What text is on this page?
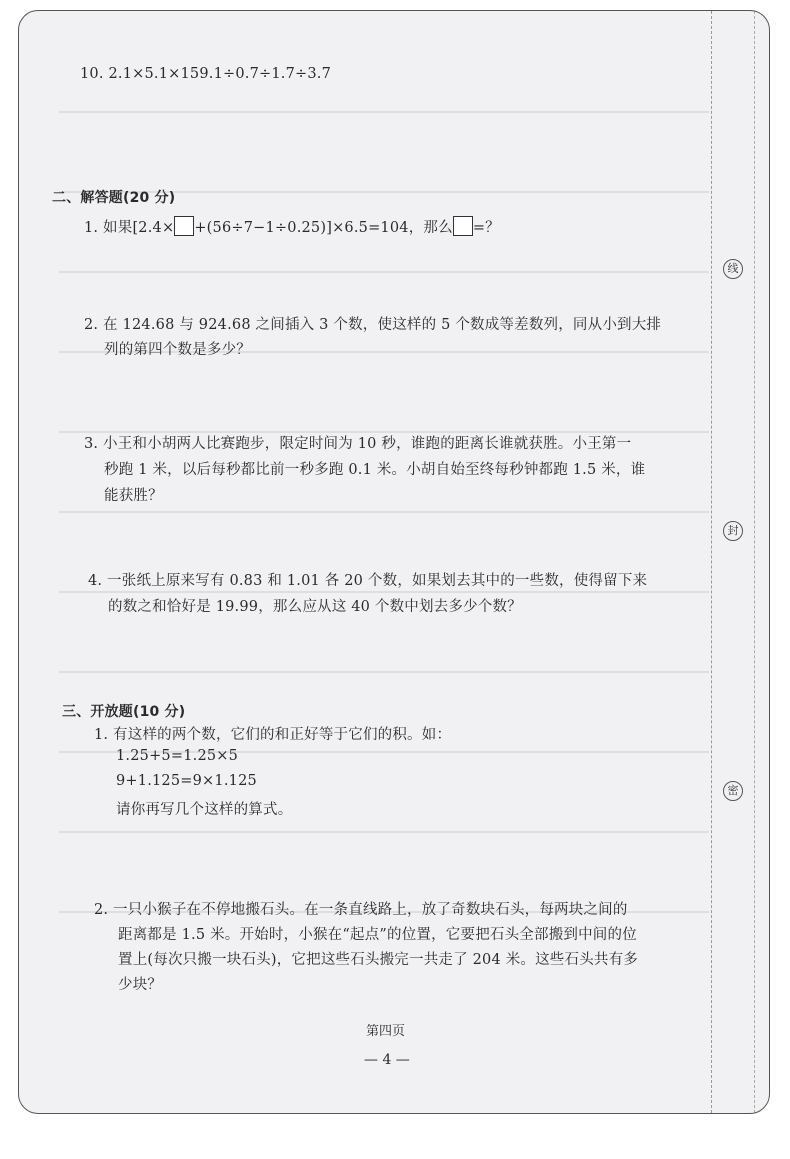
线
封
密
10. 2.1×5.1×159.1÷0.7÷1.7÷3.7
二、解答题(20 分)
1. 如果[2.4× +(56÷7−1÷0.25)]×6.5=104，那么 =？
2. 在 124.68 与 924.68 之间插入 3 个数，使这样的 5 个数成等差数列，同从小到大排
列的第四个数是多少？
3. 小王和小胡两人比赛跑步，限定时间为 10 秒，谁跑的距离长谁就获胜。小王第一
秒跑 1 米，以后每秒都比前一秒多跑 0.1 米。小胡自始至终每秒钟都跑 1.5 米，谁
能获胜？
4. 一张纸上原来写有 0.83 和 1.01 各 20 个数，如果划去其中的一些数，使得留下来
的数之和恰好是 19.99，那么应从这 40 个数中划去多少个数？
三、开放题(10 分)
1. 有这样的两个数，它们的和正好等于它们的积。如：
1.25+5=1.25×5
9+1.125=9×1.125
请你再写几个这样的算式。
2. 一只小猴子在不停地搬石头。在一条直线路上，放了奇数块石头，每两块之间的
距离都是 1.5 米。开始时，小猴在“起点”的位置，它要把石头全部搬到中间的位
置上(每次只搬一块石头)，它把这些石头搬完一共走了 204 米。这些石头共有多
少块？
第四页
— 4 —
